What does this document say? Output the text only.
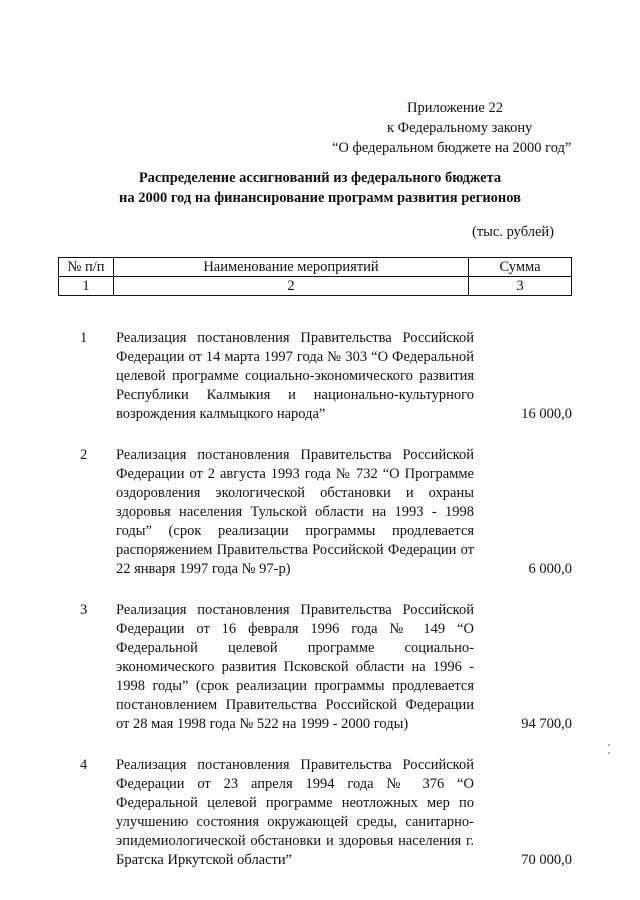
Приложение 22
к Федеральному закону
“О федеральном бюджете на 2000 год”
Распределение ассигнований из федерального бюджета
на 2000 год на финансирование программ развития регионов
(тыс. рублей)
№ п/п	Наименование мероприятий	Сумма
1	2	3
1 Реализация постановления Правительства Российской Федерации от 14 марта 1997 года № 303 “О Федеральной целевой программе социально-экономического развития Республики Калмыкия и национально-культурного возрождения калмыцкого народа”	16 000,0
2 Реализация постановления Правительства Российской Федерации от 2 августа 1993 года № 732 “О Программе оздоровления экологической обстановки и охраны здоровья населения Тульской области на 1993 - 1998 годы” (срок реализации программы продлевается распоряжением Правительства Российской Федерации от 22 января 1997 года № 97-р)	6 000,0
3 Реализация постановления Правительства Российской Федерации от 16 февраля 1996 года № 149 “О Федеральной целевой программе социально-экономического развития Псковской области на 1996 - 1998 годы” (срок реализации программы продлевается постановлением Правительства Российской Федерации от 28 мая 1998 года № 522 на 1999 - 2000 годы)	94 700,0
4 Реализация постановления Правительства Российской Федерации от 23 апреля 1994 года № 376 “О Федеральной целевой программе неотложных мер по улучшению состояния окружающей среды, санитарно-эпидемиологической обстановки и здоровья населения г. Братска Иркутской области”	70 000,0
